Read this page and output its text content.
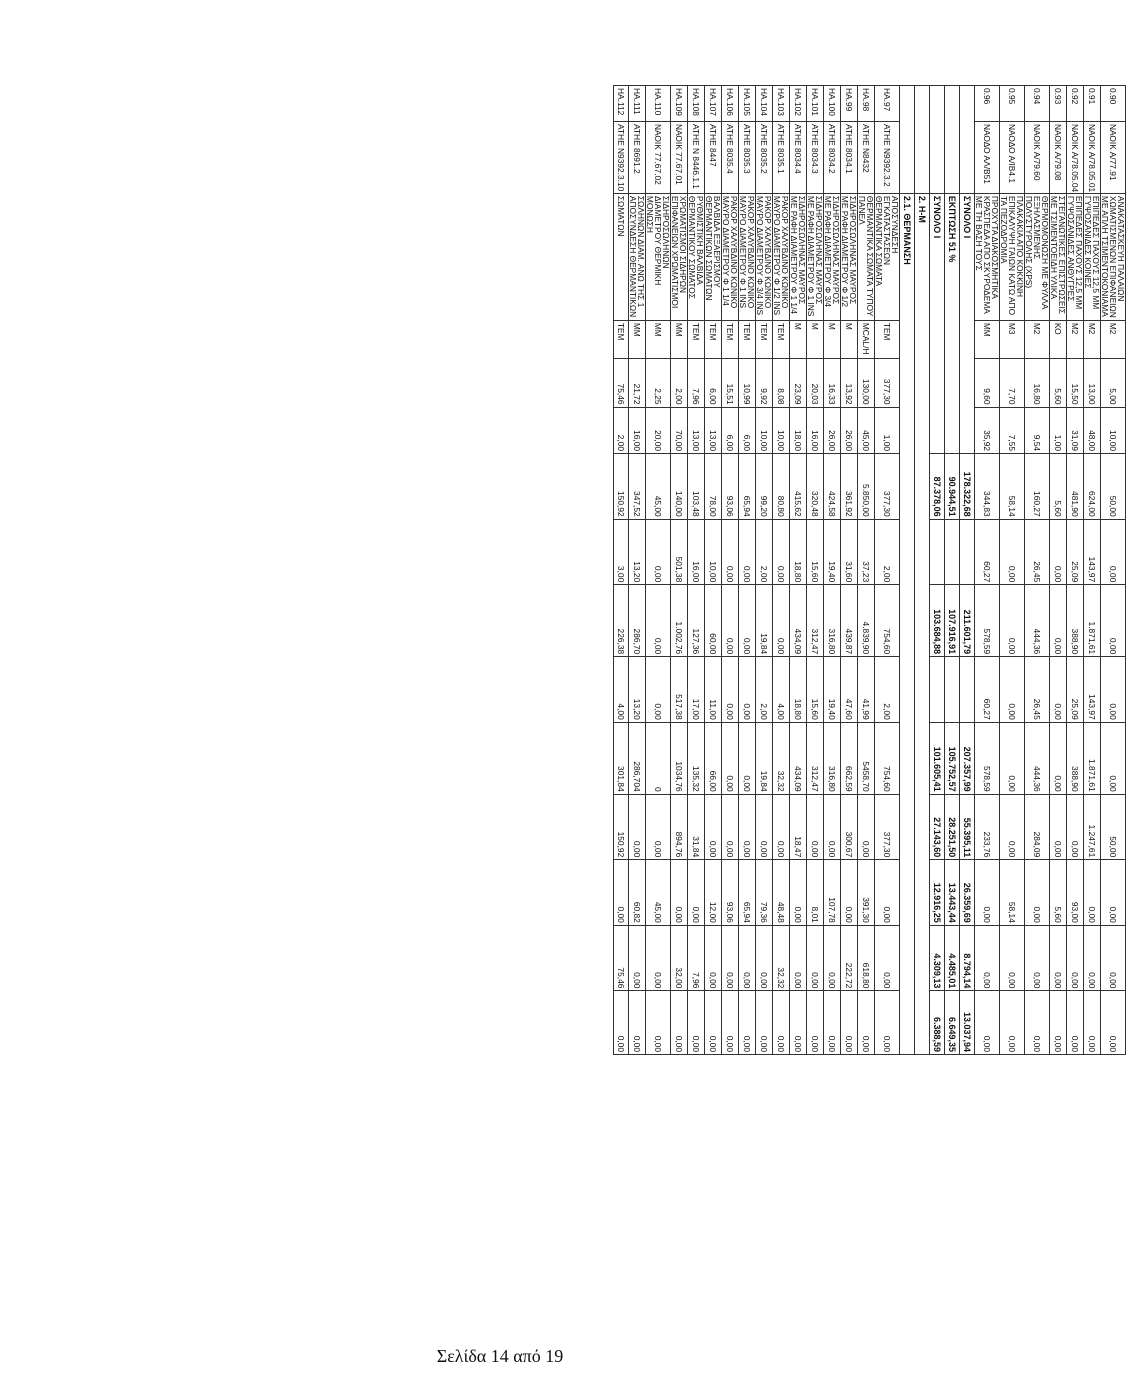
0.90	ΝΑΟΙΚ Α/77.91	ΑΝΑΚΑΤΑΣΚΕΥΗ ΠΑΛΑΙΩΝ ΧΩΜΑΤΙΣΜΕΝΩΝ ΕΠΙΦΑΝΕΙΩΝ ΜΕ ΑΠΛΗ ΤΣΙΜΕΝΤΟΚΟΝΙΑΜΑ	Μ2	5,00	10,00	50,00	0,00	0,00	0,00	0,00	50,00	0,00	0,00	0,00
0.91	ΝΑΟΙΚ Α/78.05.01	ΕΠΙΠΕΔΕΣ ΠΑΧΟΥΣ 12,5 ΜΜ ΓΥΨΟΣΑΝΙΔΕΣ ΚΟΙΝΕΣ	Μ2	13,00	48,00	624,00	143,97	1.871,61	143,97	1.871,61	1.247,61	0,00	0,00	0,00
0.92	ΝΑΟΙΚ Α/78.05.04	ΕΠΙΠΕΔΕΣ ΠΑΧΟΥΣ 12,5 ΜΜ ΓΥΨΟΣΑΝΙΔΕΣ ΑΝΘΥΓΡΕΣ	Μ2	15,50	31,09	481,90	25,09	388,90	25,09	388,90	0,00	93,00	0,00	0,00
0.93	ΝΑΟΙΚ Α/79.08	ΣΤΕΓΑΝΩΤΙΚΕΣ ΕΠΙΣΤΡΩΣΕΙΣ ΜΕ ΤΣΙΜΕΝΤΟΕΙΔΗ ΥΛΙΚΑ	ΚΟ	5,60	1,00	5,60	0,00	0,00	0,00	0,00	0,00	5,60	0,00	0,00
0.94	ΝΑΟΙΚ Α/79.60	ΘΕΡΜΟΜΟΝΩΣΗ ΜΕ ΦΥΛΛΑ ΕΞΗΛΑΣΜΕΝΗΣ ΠΟΛΥΣΤΥΡΟΛΗΣ (XPS)	Μ2	16,80	9,54	160,27	26,45	444,36	26,45	444,36	284,09	0,00	0,00	0,00
0.95	ΝΑΟΔΟ Α/ΙΒ4.1	ΠΛΑΚΑΚΙΑ ΑΠΟ ΚΟΚΚΙΝΗ ΕΠΙΚΑΛΥΨΗ ΓΑΙΩΝ ΚΑΤΩ ΑΠΟ ΤΑ ΠΕΖΟΔΡΟΜΙΑ	Μ3	7,70	7,55	58,14	0,00	0,00	0,00	0,00	0,00	58,14	0,00	0,00
0.96	ΝΑΟΔΟ ΑΛ/Β51	ΠΡΟΧΥΤΑ ΔΙΑΚΟΣΜΗΤΙΚΑ ΚΡΑΣΠΕΔΑ ΑΠΟ ΣΚΥΡΟΔΕΜΑ ΜΕ ΤΗ ΒΑΣΗ ΤΟΥΣ	ΜΜ	9,60	35,92	344,83	60,27	578,59	60,27	578,59	233,76	0,00	0,00	0,00
		ΣΥΝΟΛΟ Ι				178.322,68		211.601,79		207.357,99	55.395,11	26.359,69	8.794,14	13.037,94
		ΕΚΠΤΩΣΗ 51 %				90.944,51		107.916,91		105.752,57	28.251,50	13.443,44	4.485,01	6.649,35
		ΣΥΝΟΛΟ Ι				87.378,06		103.684,88		101.605,41	27.143,60	12.916,25	4.309,13	6.388,59
		2. Η-Μ												
		2.1. ΘΕΡΜΑΝΣΗ												
ΗΑ.97	ΑΤΗΕ Ν9392.3.2	ΑΠΟΣΥΝΔΕΣΗ ΕΓΚΑΤΑΣΤΑΣΕΩΝ ΘΕΡΜΑΝΤΙΚΑ ΣΩΜΑΤΑ	ΤΕΜ	377,30	1,00	377,30	2,00	754,60	2,00	754,60	377,30	0,00	0,00	0,00
ΗΑ.98	ΑΤΗΕ Ν8432	ΘΕΡΜΑΝΤΙΚΑ ΣΩΜΑΤΑ ΤΥΠΟΥ ΠΑΝΕΛ	ΜCAL/Η	130,00	45,00	5.850,00	37,23	4.839,90	41,99	5458,70	0,00	391,30	618,80	0,00
ΗΑ.99	ΑΤΗΕ 8034.1	ΣΙΔΗΡΟΣΩΛΗΝΑΣ ΜΑΥΡΟΣ ΜΕ ΡΑΦΗ ΔΙΑΜΕΤΡΟΥ Φ 1/2	Μ	13,92	26,00	361,92	31,60	439,87	47,60	662,59	300,67	0,00	222,72	0,00
ΗΑ.100	ΑΤΗΕ 8034.2	ΣΙΔΗΡΟΣΩΛΗΝΑΣ ΜΑΥΡΟΣ ΜΕ ΡΑΦΗ ΔΙΑΜΕΤΡΟΥ Φ 3/4	Μ	16,33	26,00	424,58	19,40	316,80	19,40	316,80	0,00	107,78	0,00	0,00
ΗΑ.101	ΑΤΗΕ 8034.3	ΣΙΔΗΡΟΣΩΛΗΝΑΣ ΜΑΥΡΟΣ ΜΕ ΡΑΦΗ ΔΙΑΜΕΤΡΟΥ Φ 1 INS	Μ	20,03	16,00	320,48	15,60	312,47	15,60	312,47	0,00	8,01	0,00	0,00
ΗΑ.102	ΑΤΗΕ 8034.4	ΣΙΔΗΡΟΣΩΛΗΝΑΣ ΜΑΥΡΟΣ ΜΕ ΡΑΦΗ ΔΙΑΜΕΤΡΟΥ Φ 1 1/4	Μ	23,09	18,00	415,62	18,80	434,09	18,80	434,09	18,47	0,00	0,00	0,00
ΗΑ.103	ΑΤΗΕ 8035.1	ΡΑΚΟΡ ΧΑΛΥΒΔΙΝΟ ΚΩΝΙΚΟ ΜΑΥΡΟ ΔΙΑΜΕΤΡΟΥ Φ 1/2 INS	ΤΕΜ	8,08	10,00	80,80	0,00	0,00	4,00	32,32	0,00	48,48	32,32	0,00
ΗΑ.104	ΑΤΗΕ 8035.2	ΡΑΚΟΡ ΧΑΛΥΒΔΙΝΟ ΚΩΝΙΚΟ ΜΑΥΡΟ ΔΙΑΜΕΤΡΟΥ Φ 3/4 INS	ΤΕΜ	9,92	10,00	99,20	2,00	19,84	2,00	19,84	0,00	79,36	0,00	0,00
ΗΑ.105	ΑΤΗΕ 8035.3	ΡΑΚΟΡ ΧΑΛΥΒΔΙΝΟ ΚΩΝΙΚΟ ΜΑΥΡΟ ΔΙΑΜΕΤΡΟΥ Φ 1 INS	ΤΕΜ	10,99	6,00	65,94	0,00	0,00	0,00	0,00	0,00	65,94	0,00	0,00
ΗΑ.106	ΑΤΗΕ 8035.4	ΡΑΚΟΡ ΧΑΛΥΒΔΙΝΟ ΚΩΝΙΚΟ ΜΑΥΡΟ ΔΙΑΜΕΤΡΟΥ Φ 1 1/4	ΤΕΜ	15,51	6,00	93,06	0,00	0,00	0,00	0,00	0,00	93,06	0,00	0,00
ΗΑ.107	ΑΤΗΕ 8447	ΒΑΛΒΙΔΑ ΕΞΑΕΡΙΣΜΟΥ ΘΕΡΜΑΝΤΙΚΩΝ ΣΩΜΑΤΩΝ	ΤΕΜ	6,00	13,00	78,00	10,00	60,00	11,00	66,00	0,00	12,00	0,00	0,00
ΗΑ.108	ΑΤΗΕ Ν 8446.1.1	ΡΥΘΜΙΣΤΙΚΗ ΒΑΛΒΙΔΑ ΘΕΡΜΑΝΤΙΚΟΥ ΣΩΜΑΤΟΣ	ΤΕΜ	7,96	13,00	103,48	16,00	127,36	17,00	135,32	31,84	0,00	7,96	0,00
ΗΑ.109	ΝΑΟΙΚ 77.67.01	ΧΡΩΜΑΤΙΣΜΟΙ ΣΙΔΗΡΩΝ ΕΠΙΦΑΝΕΙΩΝ ΧΡΩΜΑΤΙΣΜΟΙ	ΜΜ	2,00	70,00	140,00	501,38	1.002,76	517,38	1034,76	894,76	0,00	32,00	0,00
ΗΑ.110	ΝΑΟΙΚ 77.67.02	ΣΙΔΗΡΟΣΩΛΗΝΩΝ ΔΙΑΜΕΤΡΟΥ ΘΕΡΜΙΚΗ ΜΟΝΩΣΗ	ΜΜ	2,25	20,00	45,00	0,00	0,00	0,00	0	0,00	45,00	0,00	0,00
ΗΑ.111	ΑΤΗΕ 8691.2	ΣΩΛΗΝΩΝ ΔΙΑΜ. ΑΝΩ ΤΗΣ 1 ΑΠΟΣΥΝΔΕΣΗ ΘΕΡΜΑΝΤΙΚΩΝ	ΜΜ	21,72	16,00	347,52	13,20	286,70	13,20	286,704	0,00	60,82	0,00	0,00
ΗΑ.112	ΑΤΗΕ Ν9392.3.10	ΣΩΜΑΤΩΝ	ΤΕΜ	75,46	2,00	150,92	3,00	226,38	4,00	301,84	150,92	0,00	75,46	0,00
Σελίδα 14 από 19
